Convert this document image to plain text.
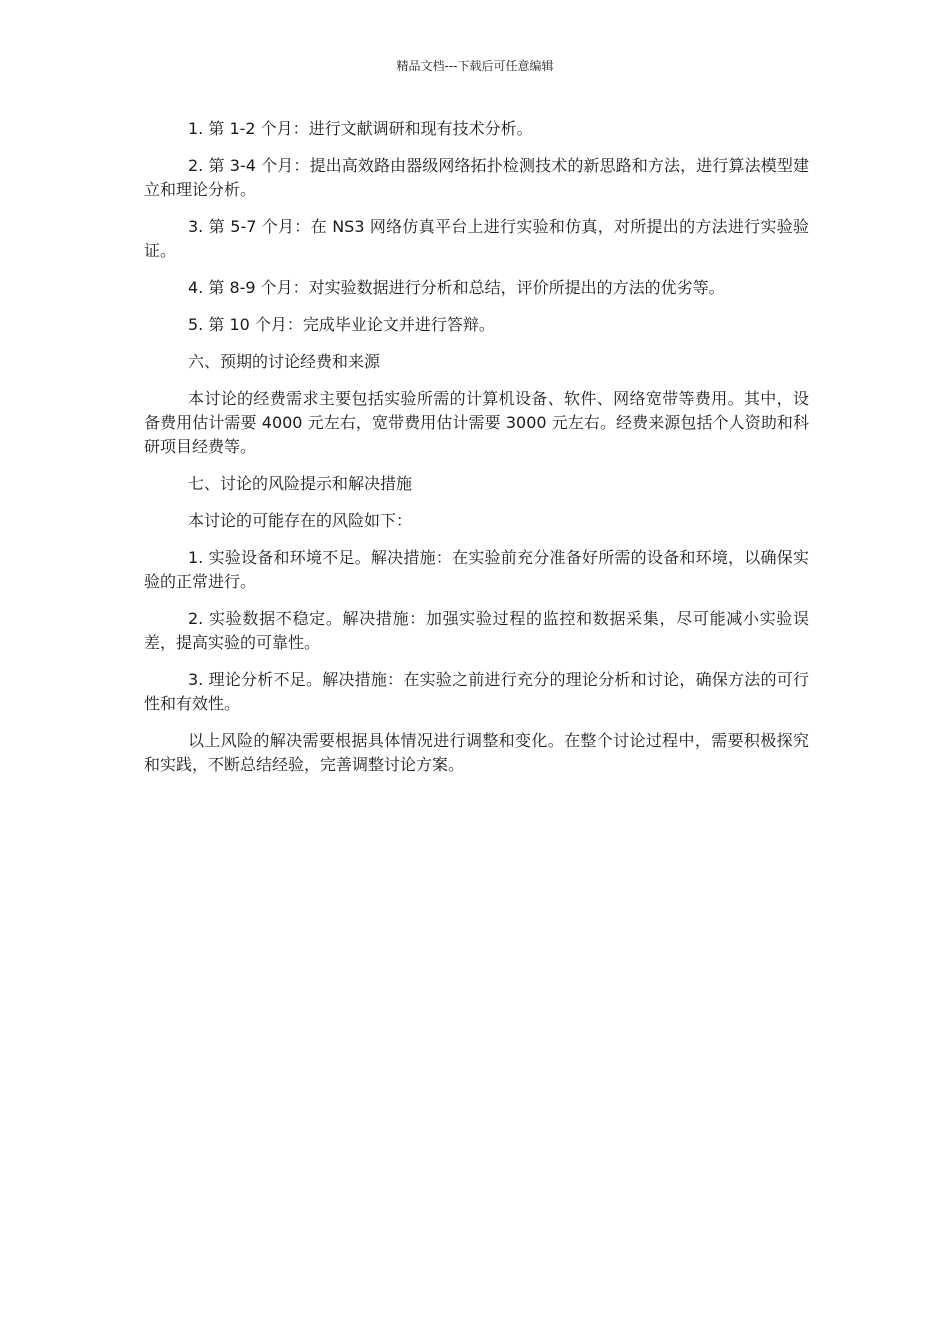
精品文档---下载后可任意编辑

1. 第 1-2 个月：进行文献调研和现有技术分析。

2. 第 3-4 个月：提出高效路由器级网络拓扑检测技术的新思路和方法，进行算法模型建立和理论分析。

3. 第 5-7 个月：在 NS3 网络仿真平台上进行实验和仿真，对所提出的方法进行实验验证。

4. 第 8-9 个月：对实验数据进行分析和总结，评价所提出的方法的优劣等。

5. 第 10 个月：完成毕业论文并进行答辩。

六、预期的讨论经费和来源

本讨论的经费需求主要包括实验所需的计算机设备、软件、网络宽带等费用。其中，设备费用估计需要 4000 元左右，宽带费用估计需要 3000 元左右。经费来源包括个人资助和科研项目经费等。

七、讨论的风险提示和解决措施

本讨论的可能存在的风险如下：

1. 实验设备和环境不足。解决措施：在实验前充分准备好所需的设备和环境，以确保实验的正常进行。

2. 实验数据不稳定。解决措施：加强实验过程的监控和数据采集，尽可能减小实验误差，提高实验的可靠性。

3. 理论分析不足。解决措施：在实验之前进行充分的理论分析和讨论，确保方法的可行性和有效性。

以上风险的解决需要根据具体情况进行调整和变化。在整个讨论过程中，需要积极探究和实践，不断总结经验，完善调整讨论方案。
